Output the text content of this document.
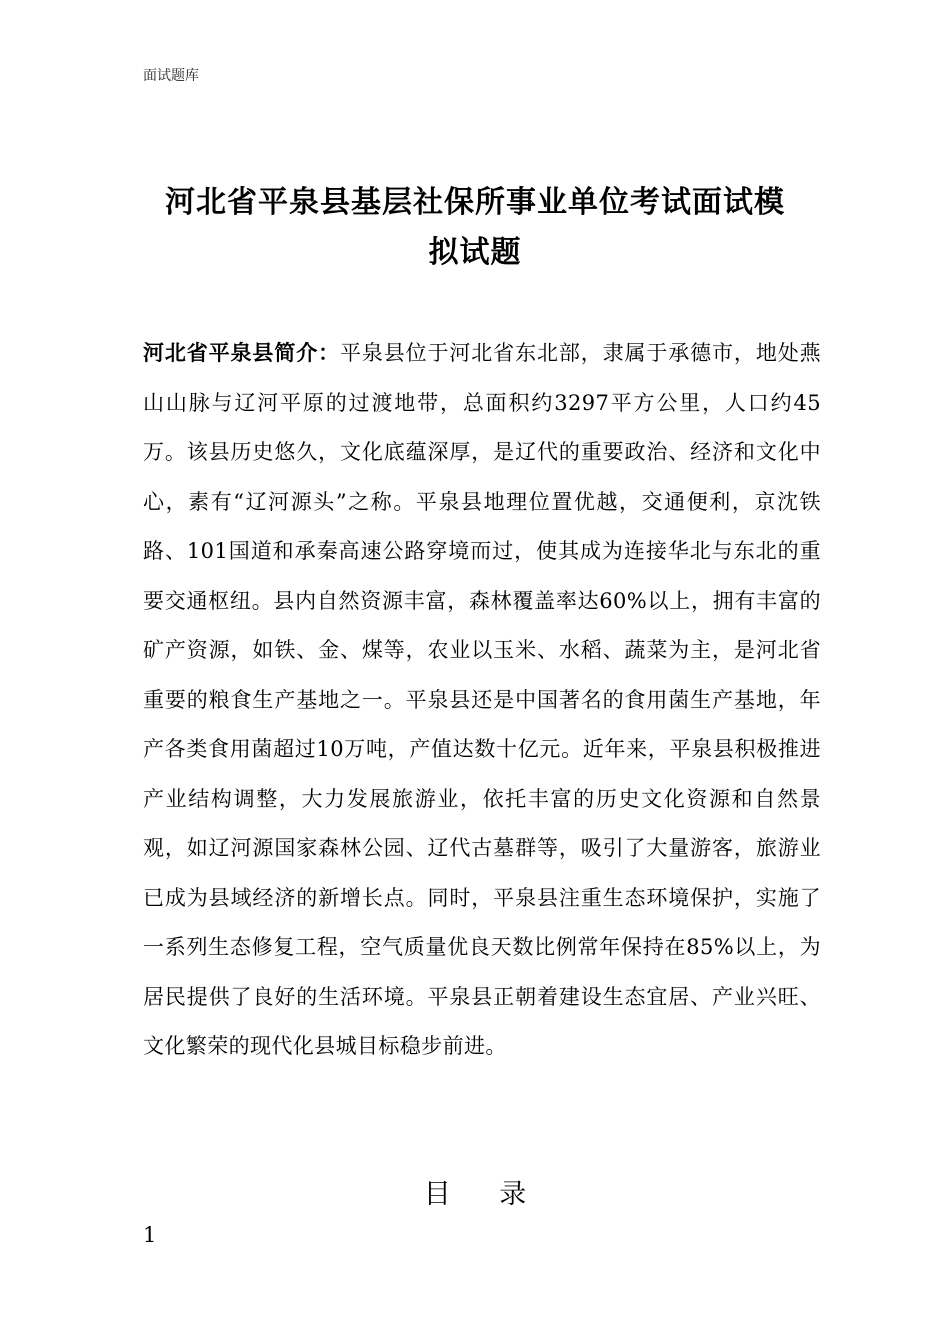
面试题库
河北省平泉县基层社保所事业单位考试面试模
拟试题
河北省平泉县简介：平泉县位于河北省东北部，隶属于承德市，地处燕山山脉与辽河平原的过渡地带，总面积约3297平方公里，人口约45万。该县历史悠久，文化底蕴深厚，是辽代的重要政治、经济和文化中心，素有“辽河源头”之称。平泉县地理位置优越，交通便利，京沈铁路、101国道和承秦高速公路穿境而过，使其成为连接华北与东北的重要交通枢纽。县内自然资源丰富，森林覆盖率达60%以上，拥有丰富的矿产资源，如铁、金、煤等，农业以玉米、水稻、蔬菜为主，是河北省重要的粮食生产基地之一。平泉县还是中国著名的食用菌生产基地，年产各类食用菌超过10万吨，产值达数十亿元。近年来，平泉县积极推进产业结构调整，大力发展旅游业，依托丰富的历史文化资源和自然景观，如辽河源国家森林公园、辽代古墓群等，吸引了大量游客，旅游业已成为县域经济的新增长点。同时，平泉县注重生态环境保护，实施了一系列生态修复工程，空气质量优良天数比例常年保持在85%以上，为居民提供了良好的生活环境。平泉县正朝着建设生态宜居、产业兴旺、文化繁荣的现代化县城目标稳步前进。
目 录
1
